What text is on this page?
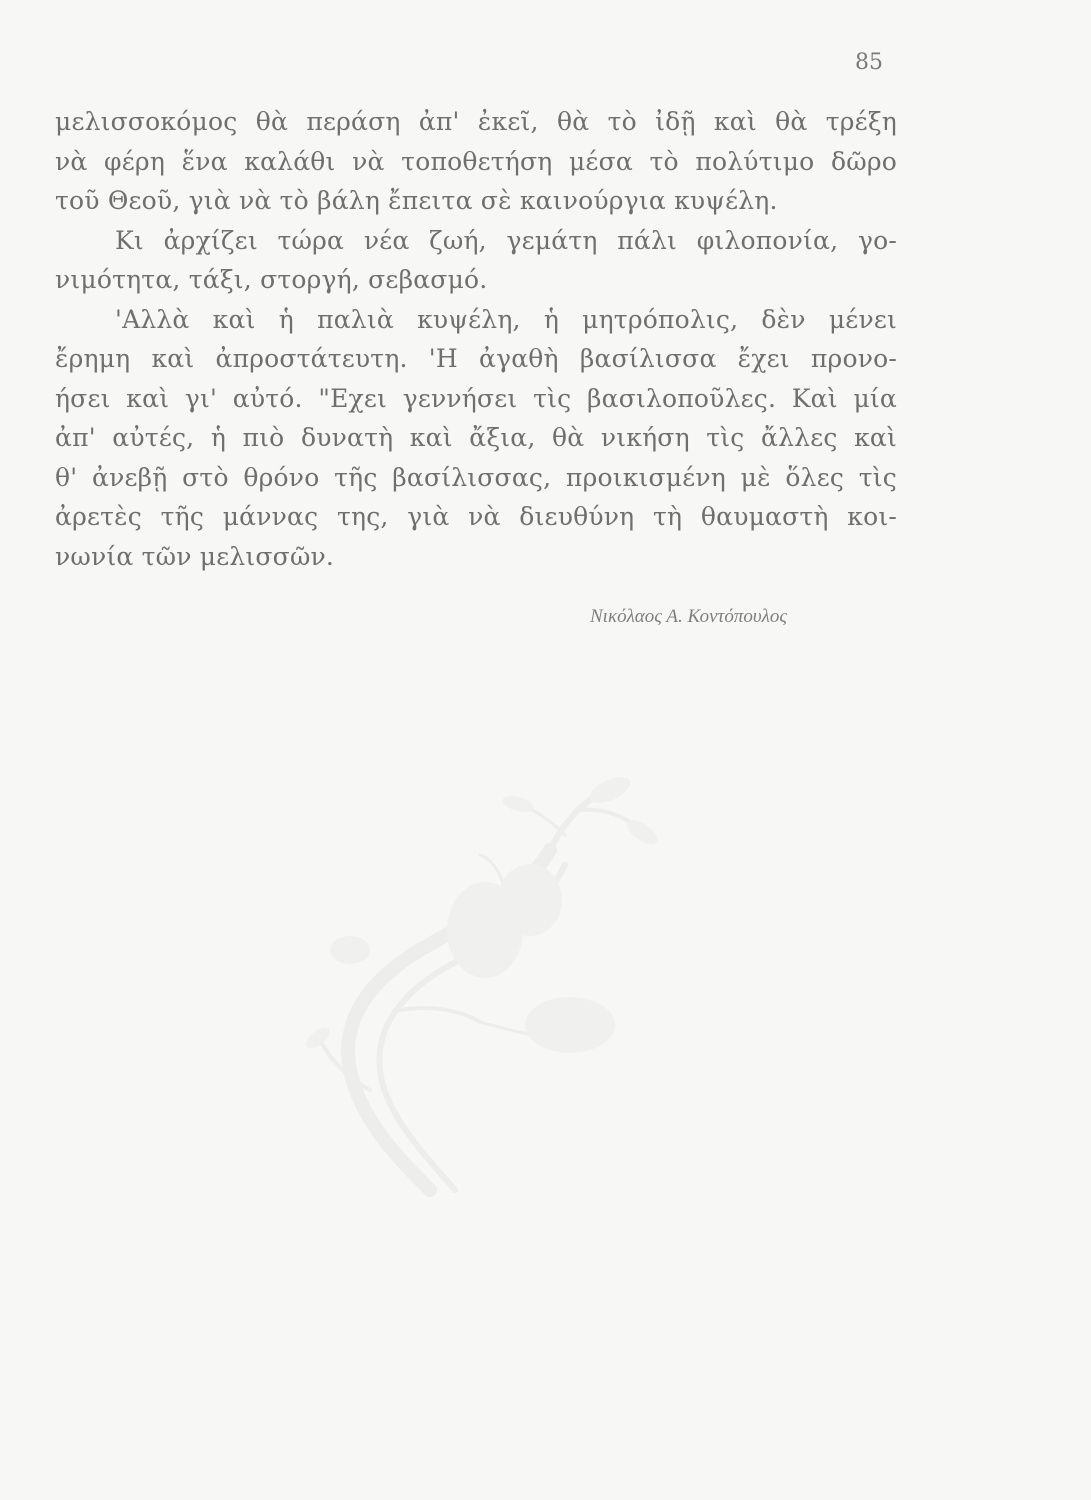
85
μελισσοκόμος θὰ περάση ἀπ' ἐκεῖ, θὰ τὸ ἰδῇ καὶ θὰ τρέξη
νὰ φέρη ἕνα καλάθι νὰ τοποθετήση μέσα τὸ πολύτιμο δῶρο
τοῦ Θεοῦ, γιὰ νὰ τὸ βάλη ἔπειτα σὲ καινούργια κυψέλη.
Κι ἀρχίζει τώρα νέα ζωή, γεμάτη πάλι φιλοπονία, γο-
νιμότητα, τάξι, στοργή, σεβασμό.
'Αλλὰ καὶ ἡ παλιὰ κυψέλη, ἡ μητρόπολις, δὲν μένει
ἔρημη καὶ ἀπροστάτευτη. 'Η ἀγαθὴ βασίλισσα ἔχει προνο-
ήσει καὶ γι' αὐτό. "Εχει γεννήσει τὶς βασιλοποῦλες. Καὶ μία
ἀπ' αὐτές, ἡ πιὸ δυνατὴ καὶ ἄξια, θὰ νικήση τὶς ἄλλες καὶ
θ' ἀνεβῇ στὸ θρόνο τῆς βασίλισσας, προικισμένη μὲ ὅλες τὶς
ἀρετὲς τῆς μάννας της, γιὰ νὰ διευθύνη τὴ θαυμαστὴ κοι-
νωνία τῶν μελισσῶν.
Νικόλαος Α. Κοντόπουλος
